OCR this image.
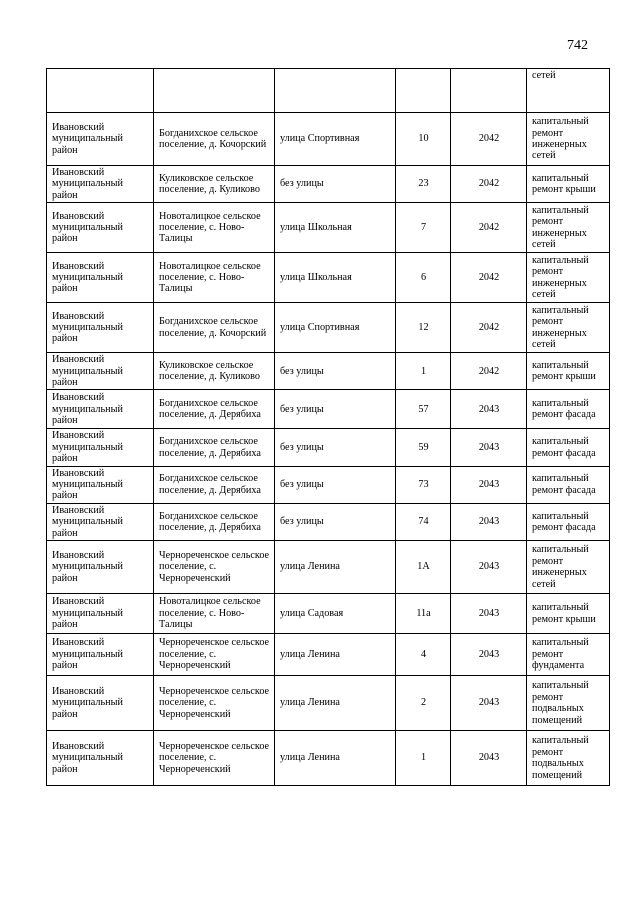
742
					сетей
Ивановский муниципальный район	Богданихское сельское поселение, д. Кочорский	улица Спортивная	10	2042	капитальный ремонт инженерных сетей
Ивановский муниципальный район	Куликовское сельское поселение, д. Куликово	без улицы	23	2042	капитальный ремонт крыши
Ивановский муниципальный район	Новоталицкое сельское поселение, с. Ново-Талицы	улица Школьная	7	2042	капитальный ремонт инженерных сетей
Ивановский муниципальный район	Новоталицкое сельское поселение, с. Ново-Талицы	улица Школьная	6	2042	капитальный ремонт инженерных сетей
Ивановский муниципальный район	Богданихское сельское поселение, д. Кочорский	улица Спортивная	12	2042	капитальный ремонт инженерных сетей
Ивановский муниципальный район	Куликовское сельское поселение, д. Куликово	без улицы	1	2042	капитальный ремонт крыши
Ивановский муниципальный район	Богданихское сельское поселение, д. Дерябиха	без улицы	57	2043	капитальный ремонт фасада
Ивановский муниципальный район	Богданихское сельское поселение, д. Дерябиха	без улицы	59	2043	капитальный ремонт фасада
Ивановский муниципальный район	Богданихское сельское поселение, д. Дерябиха	без улицы	73	2043	капитальный ремонт фасада
Ивановский муниципальный район	Богданихское сельское поселение, д. Дерябиха	без улицы	74	2043	капитальный ремонт фасада
Ивановский муниципальный район	Чернореченское сельское поселение, с. Чернореченский	улица Ленина	1А	2043	капитальный ремонт инженерных сетей
Ивановский муниципальный район	Новоталицкое сельское поселение, с. Ново-Талицы	улица Садовая	11а	2043	капитальный ремонт крыши
Ивановский муниципальный район	Чернореченское сельское поселение, с. Чернореченский	улица Ленина	4	2043	капитальный ремонт фундамента
Ивановский муниципальный район	Чернореченское сельское поселение, с. Чернореченский	улица Ленина	2	2043	капитальный ремонт подвальных помещений
Ивановский муниципальный район	Чернореченское сельское поселение, с. Чернореченский	улица Ленина	1	2043	капитальный ремонт подвальных помещений
